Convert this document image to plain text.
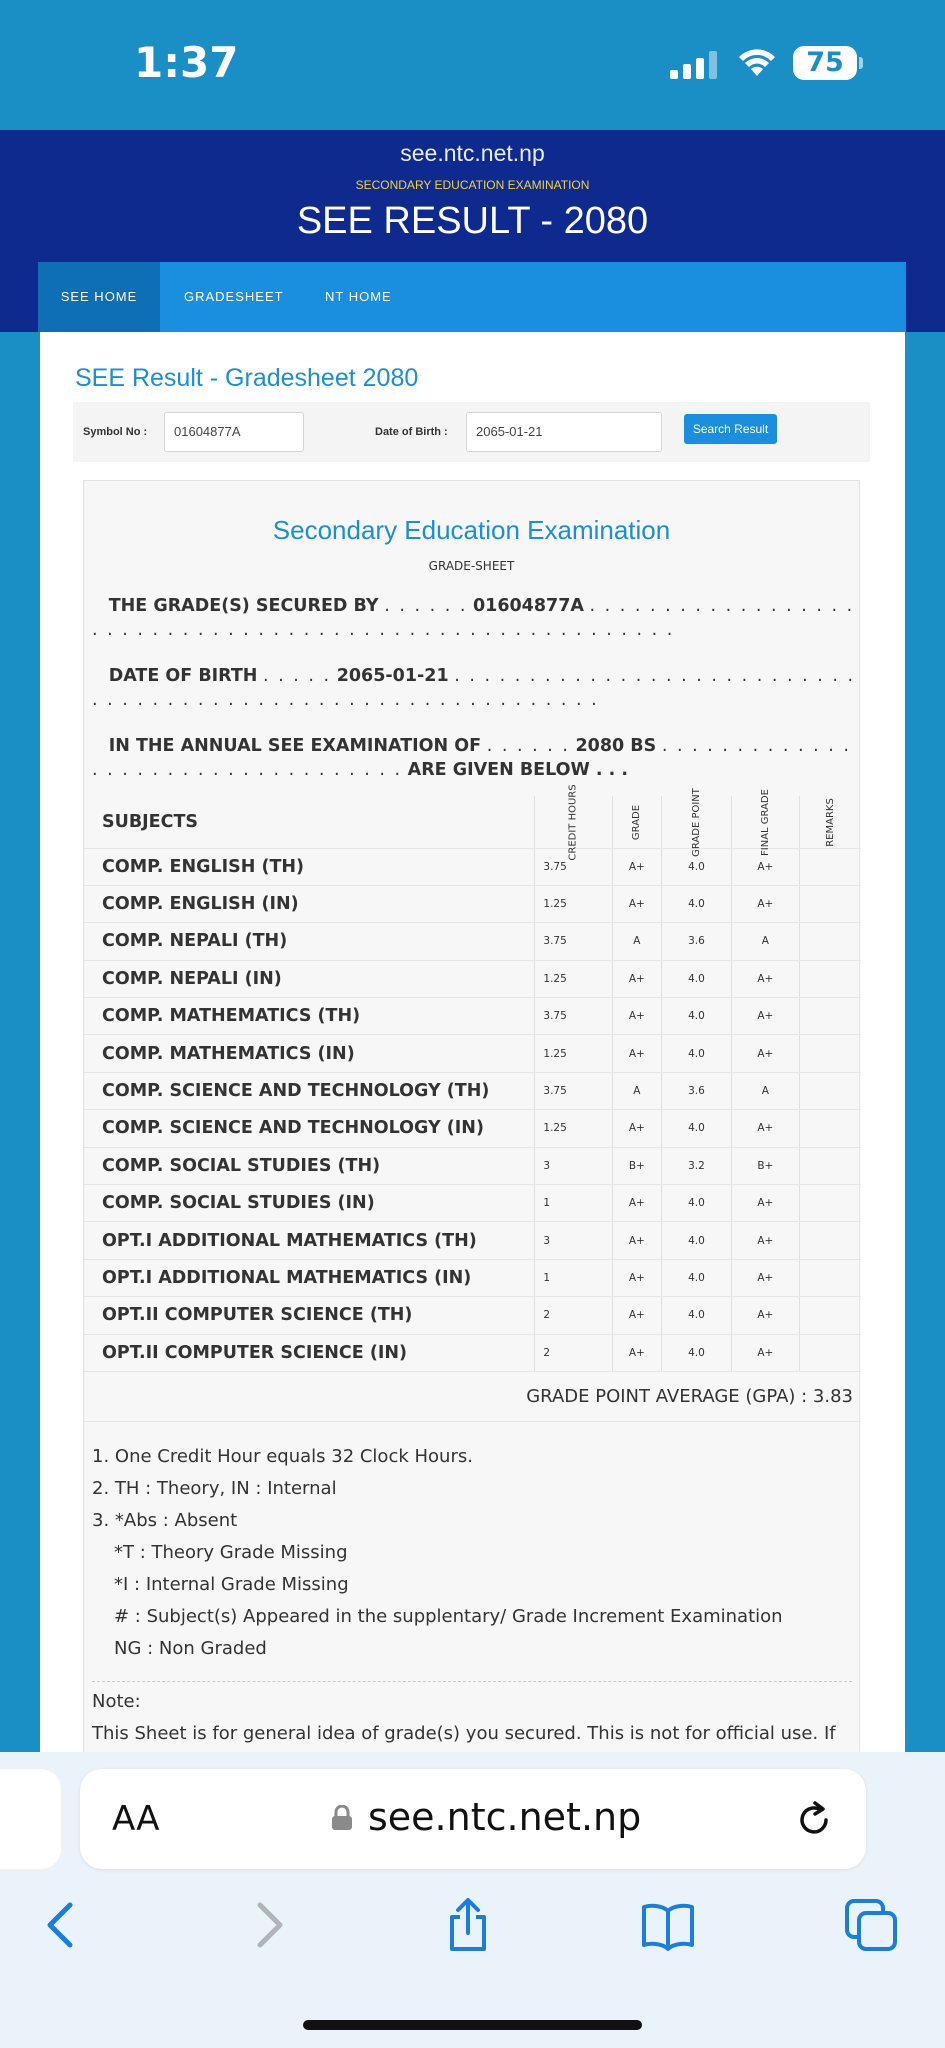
1:37	75
see.ntc.net.np
SECONDARY EDUCATION EXAMINATION
SEE RESULT - 2080
SEE HOME	GRADESHEET	NT HOME
SEE Result - Gradesheet 2080
Symbol No :	01604877A	Date of Birth :	2065-01-21	Search Result
Secondary Education Examination
GRADE-SHEET
THE GRADE(S) SECURED BY . . . . . . 01604877A . . . . . . . . . . . . . . . . . . . . . . . . . . . . . . . . . . . . . . . . . . . . . . . . . . . . . . . . .
DATE OF BIRTH . . . . . 2065-01-21 . . . . . . . . . . . . . . . . . . . . . . . . . . . . . . . . . . . . . . . . . . . . . . . . . . . . . . . . . . . . .
IN THE ANNUAL SEE EXAMINATION OF . . . . . . 2080 BS . . . . . . . . . . . . . . . . . . . . . . . . . . . . . . . . . . ARE GIVEN BELOW . . .
SUBJECTS	CREDIT HOURS	GRADE	GRADE POINT	FINAL GRADE	REMARKS
COMP. ENGLISH (TH)	3.75	A+	4.0	A+	
COMP. ENGLISH (IN)	1.25	A+	4.0	A+	
COMP. NEPALI (TH)	3.75	A	3.6	A	
COMP. NEPALI (IN)	1.25	A+	4.0	A+	
COMP. MATHEMATICS (TH)	3.75	A+	4.0	A+	
COMP. MATHEMATICS (IN)	1.25	A+	4.0	A+	
COMP. SCIENCE AND TECHNOLOGY (TH)	3.75	A	3.6	A	
COMP. SCIENCE AND TECHNOLOGY (IN)	1.25	A+	4.0	A+	
COMP. SOCIAL STUDIES (TH)	3	B+	3.2	B+	
COMP. SOCIAL STUDIES (IN)	1	A+	4.0	A+	
OPT.I ADDITIONAL MATHEMATICS (TH)	3	A+	4.0	A+	
OPT.I ADDITIONAL MATHEMATICS (IN)	1	A+	4.0	A+	
OPT.II COMPUTER SCIENCE (TH)	2	A+	4.0	A+	
OPT.II COMPUTER SCIENCE (IN)	2	A+	4.0	A+	
GRADE POINT AVERAGE (GPA) : 3.83
1. One Credit Hour equals 32 Clock Hours.
2. TH : Theory, IN : Internal
3. *Abs : Absent
*T : Theory Grade Missing
*I : Internal Grade Missing
# : Subject(s) Appeared in the supplentary/ Grade Increment Examination
NG : Non Graded
Note:
This Sheet is for general idea of grade(s) you secured. This is not for official use. If
AA	see.ntc.net.np
